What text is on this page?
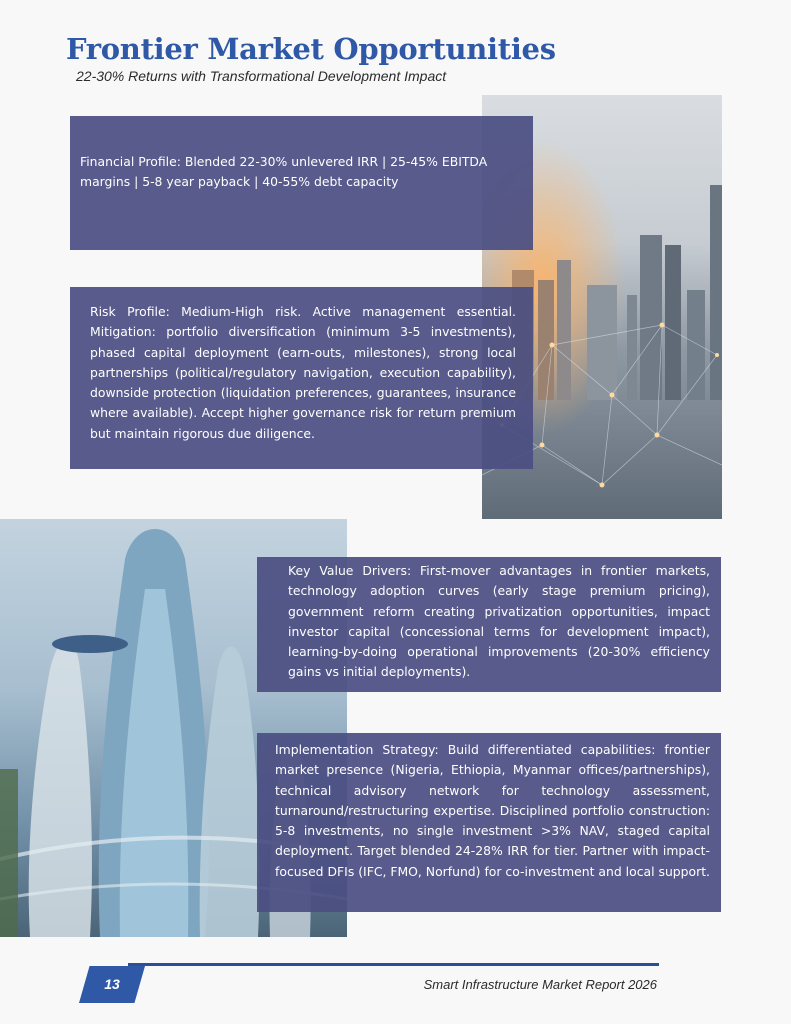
Frontier Market Opportunities
22-30% Returns with Transformational Development Impact

Financial Profile: Blended 22-30% unlevered IRR | 25-45% EBITDA margins | 5-8 year payback | 40-55% debt capacity

Risk Profile: Medium-High risk. Active management essential. Mitigation: portfolio diversification (minimum 3-5 investments), phased capital deployment (earn-outs, milestones), strong local partnerships (political/regulatory navigation, execution capability), downside protection (liquidation preferences, guarantees, insurance where available). Accept higher governance risk for return premium but maintain rigorous due diligence.

Key Value Drivers: First-mover advantages in frontier markets, technology adoption curves (early stage premium pricing), government reform creating privatization opportunities, impact investor capital (concessional terms for development impact), learning-by-doing operational improvements (20-30% efficiency gains vs initial deployments).

Implementation Strategy: Build differentiated capabilities: frontier market presence (Nigeria, Ethiopia, Myanmar offices/partnerships), technical advisory network for technology assessment, turnaround/restructuring expertise. Disciplined portfolio construction: 5-8 investments, no single investment >3% NAV, staged capital deployment. Target blended 24-28% IRR for tier. Partner with impact-focused DFIs (IFC, FMO, Norfund) for co-investment and local support.

13	Smart Infrastructure Market Report 2026
